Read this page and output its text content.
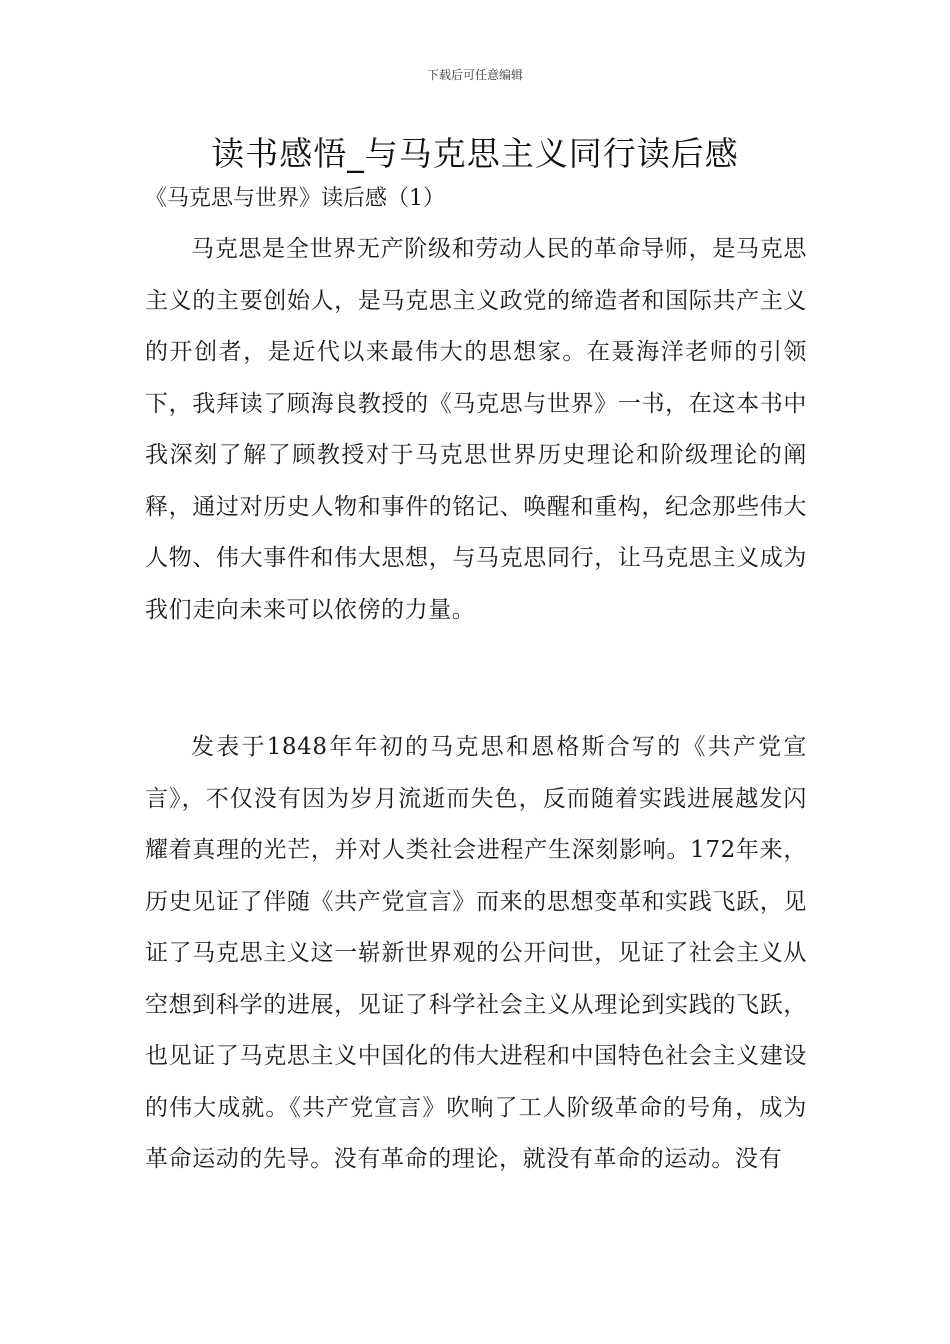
下载后可任意编辑
读书感悟_与马克思主义同行读后感
《马克思与世界》读后感（1）
马克思是全世界无产阶级和劳动人民的革命导师，是马克思主义的主要创始人，是马克思主义政党的缔造者和国际共产主义的开创者，是近代以来最伟大的思想家。在聂海洋老师的引领下，我拜读了顾海良教授的《马克思与世界》一书，在这本书中我深刻了解了顾教授对于马克思世界历史理论和阶级理论的阐释，通过对历史人物和事件的铭记、唤醒和重构，纪念那些伟大人物、伟大事件和伟大思想，与马克思同行，让马克思主义成为我们走向未来可以依傍的力量。
发表于1848年年初的马克思和恩格斯合写的《共产党宣言》，不仅没有因为岁月流逝而失色，反而随着实践进展越发闪耀着真理的光芒，并对人类社会进程产生深刻影响。172年来，历史见证了伴随《共产党宣言》而来的思想变革和实践飞跃，见证了马克思主义这一崭新世界观的公开问世，见证了社会主义从空想到科学的进展，见证了科学社会主义从理论到实践的飞跃，也见证了马克思主义中国化的伟大进程和中国特色社会主义建设的伟大成就。《共产党宣言》吹响了工人阶级革命的号角，成为革命运动的先导。没有革命的理论，就没有革命的运动。没有
